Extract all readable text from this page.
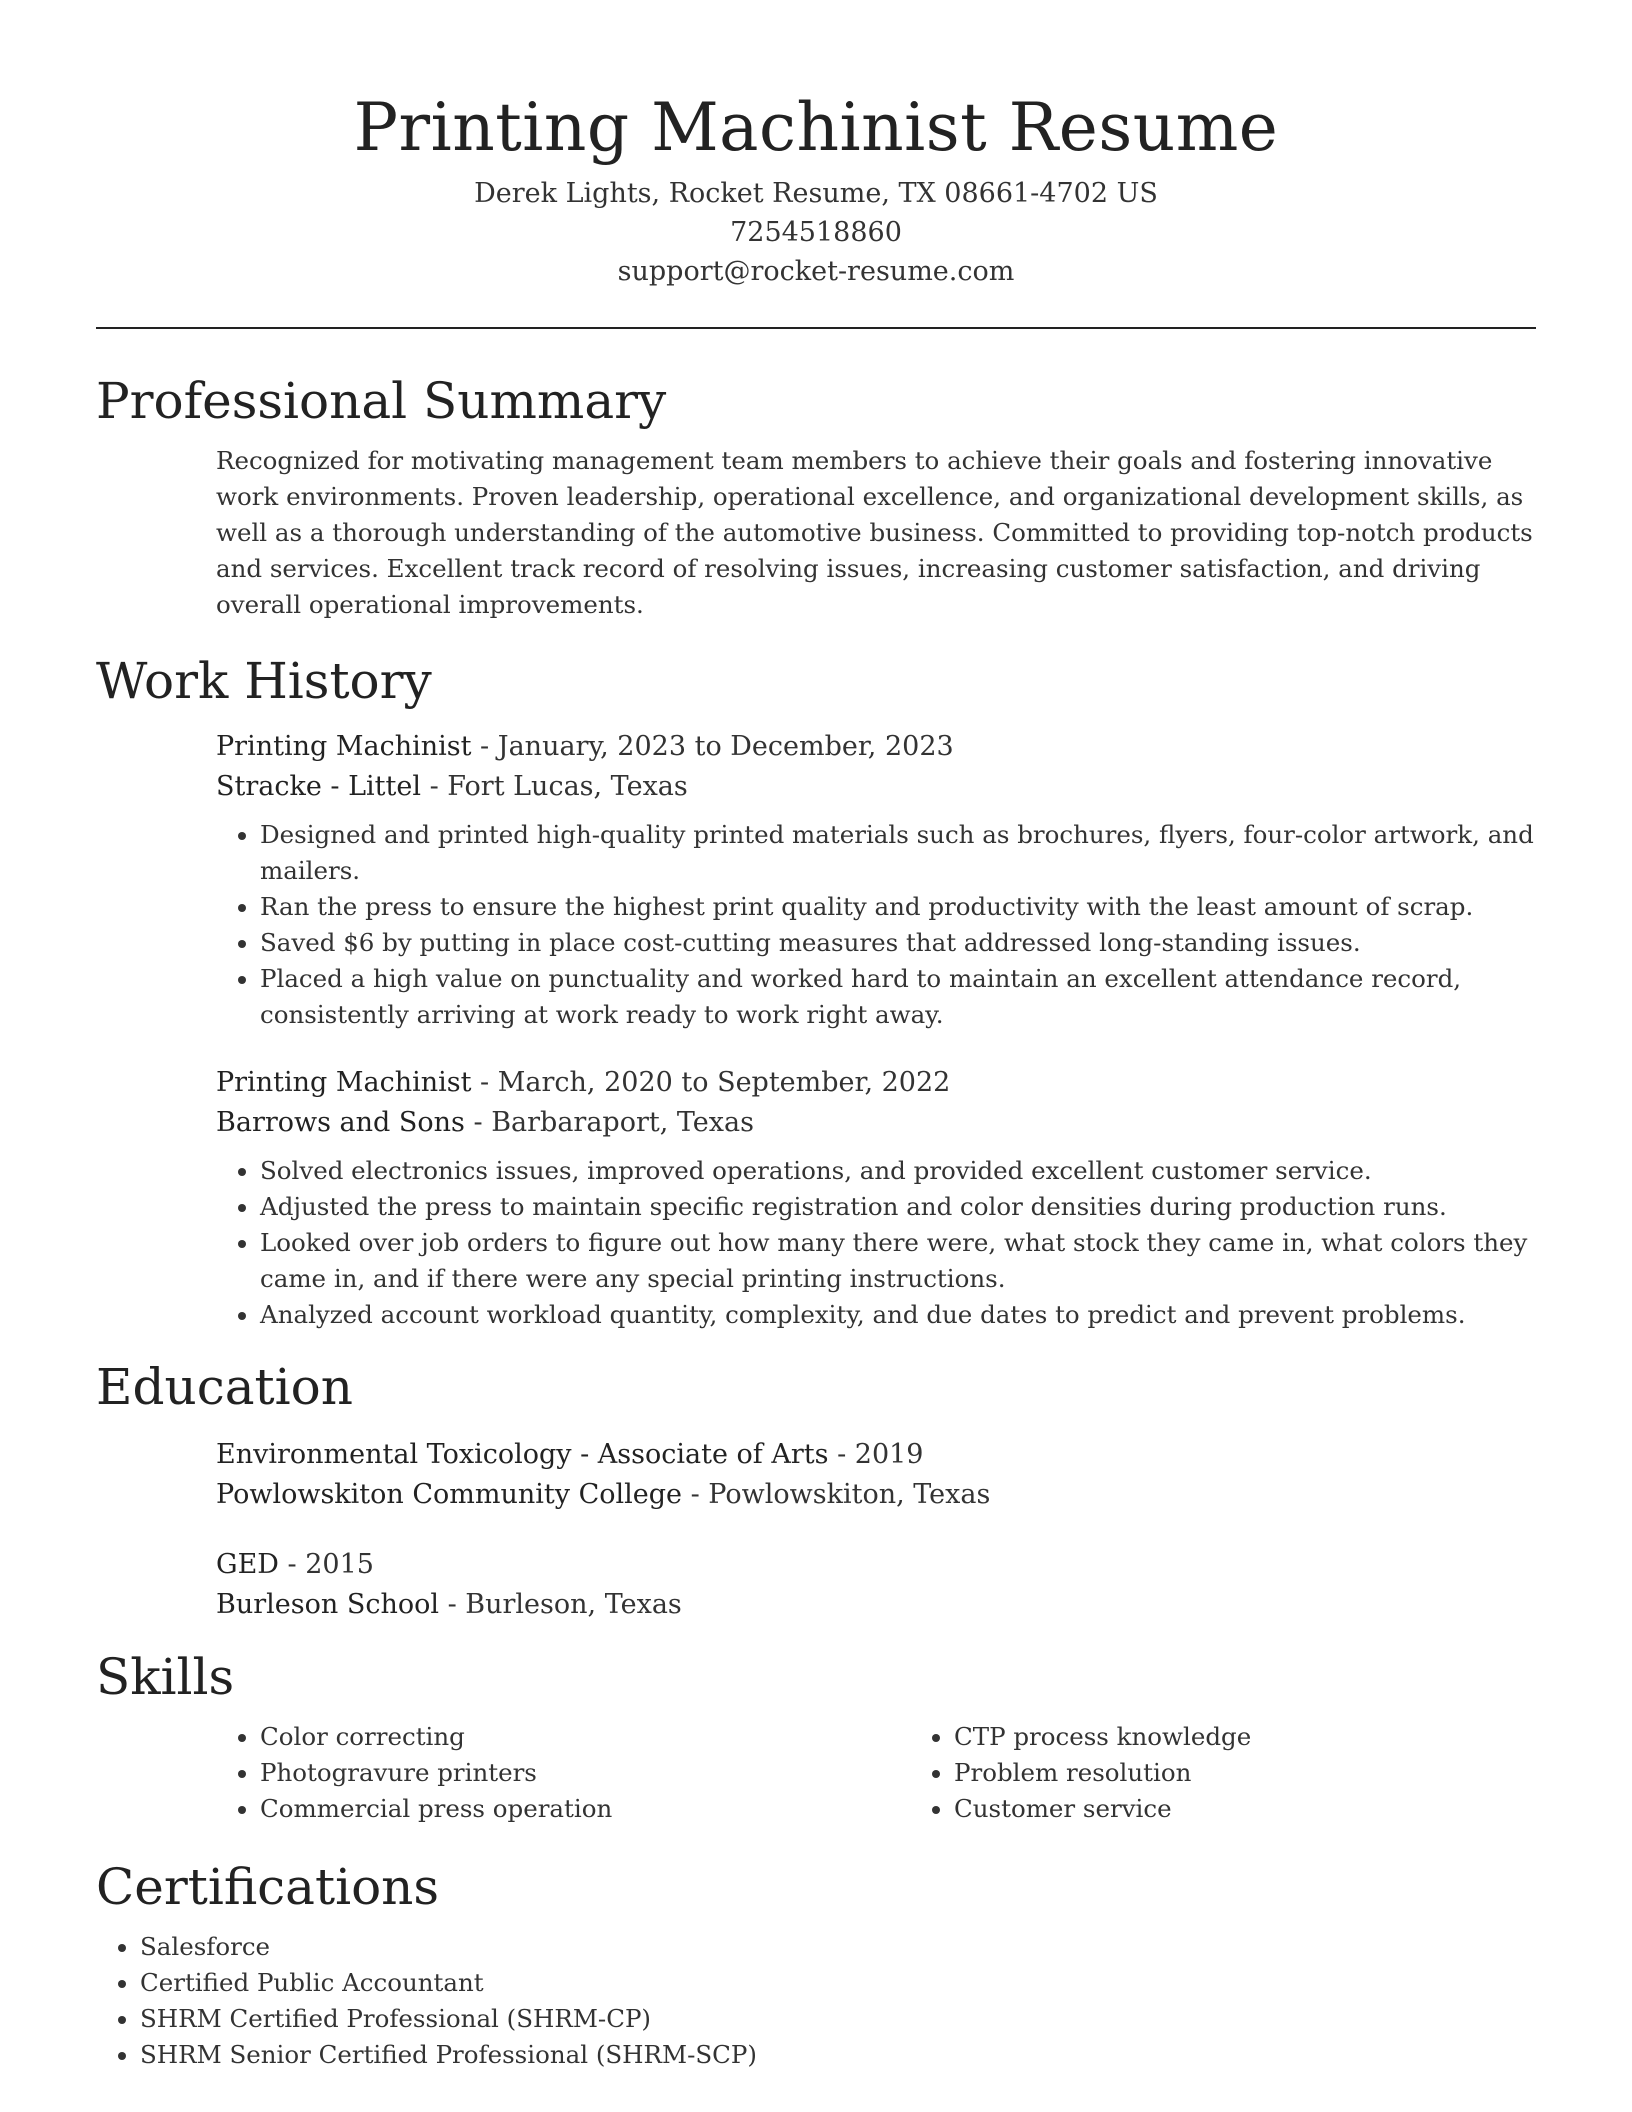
Printing Machinist Resume
Derek Lights, Rocket Resume, TX 08661-4702 US
7254518860
support@rocket-resume.com
Professional Summary

Recognized for motivating management team members to achieve their goals and fostering innovative work environments. Proven leadership, operational excellence, and organizational development skills, as well as a thorough understanding of the automotive business. Committed to providing top-notch products and services. Excellent track record of resolving issues, increasing customer satisfaction, and driving overall operational improvements.

Work History
Printing Machinist - January, 2023 to December, 2023
Stracke - Littel - Fort Lucas, Texas
• Designed and printed high-quality printed materials such as brochures, flyers, four-color artwork, and mailers.
• Ran the press to ensure the highest print quality and productivity with the least amount of scrap.
• Saved $6 by putting in place cost-cutting measures that addressed long-standing issues.
• Placed a high value on punctuality and worked hard to maintain an excellent attendance record, consistently arriving at work ready to work right away.
Printing Machinist - March, 2020 to September, 2022
Barrows and Sons - Barbaraport, Texas
• Solved electronics issues, improved operations, and provided excellent customer service.
• Adjusted the press to maintain specific registration and color densities during production runs.
• Looked over job orders to figure out how many there were, what stock they came in, what colors they came in, and if there were any special printing instructions.
• Analyzed account workload quantity, complexity, and due dates to predict and prevent problems.
Education
Environmental Toxicology - Associate of Arts - 2019
Powlowskiton Community College - Powlowskiton, Texas
GED - 2015
Burleson School - Burleson, Texas
Skills
• Color correcting
• Photogravure printers
• Commercial press operation
• CTP process knowledge
• Problem resolution
• Customer service
Certifications
• Salesforce
• Certified Public Accountant
• SHRM Certified Professional (SHRM-CP)
• SHRM Senior Certified Professional (SHRM-SCP)
